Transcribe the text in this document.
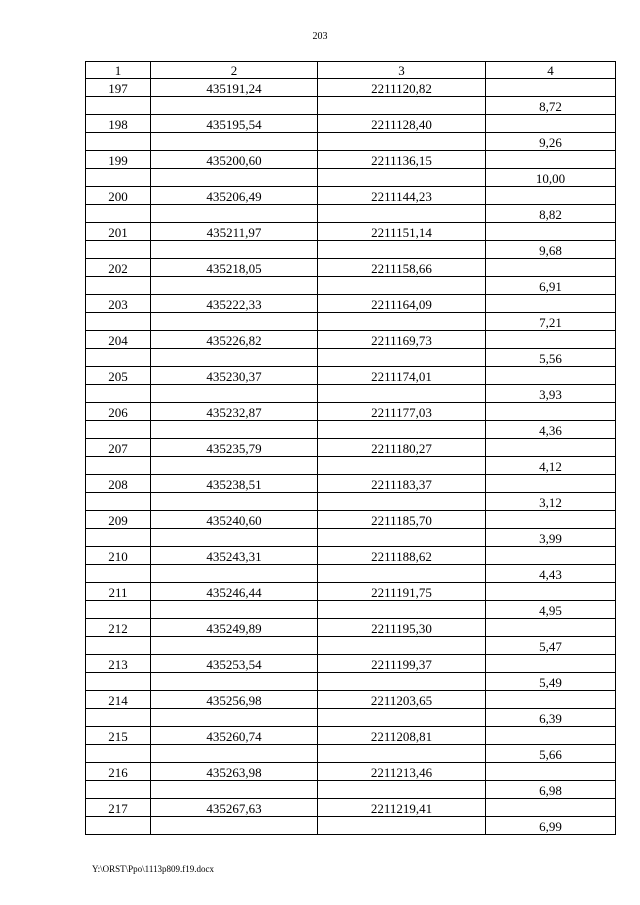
203
1	2	3	4
197	435191,24	2211120,82	
			8,72
198	435195,54	2211128,40	
			9,26
199	435200,60	2211136,15	
			10,00
200	435206,49	2211144,23	
			8,82
201	435211,97	2211151,14	
			9,68
202	435218,05	2211158,66	
			6,91
203	435222,33	2211164,09	
			7,21
204	435226,82	2211169,73	
			5,56
205	435230,37	2211174,01	
			3,93
206	435232,87	2211177,03	
			4,36
207	435235,79	2211180,27	
			4,12
208	435238,51	2211183,37	
			3,12
209	435240,60	2211185,70	
			3,99
210	435243,31	2211188,62	
			4,43
211	435246,44	2211191,75	
			4,95
212	435249,89	2211195,30	
			5,47
213	435253,54	2211199,37	
			5,49
214	435256,98	2211203,65	
			6,39
215	435260,74	2211208,81	
			5,66
216	435263,98	2211213,46	
			6,98
217	435267,63	2211219,41	
			6,99
Y:\ORST\Ppo\1113p809.f19.docx
